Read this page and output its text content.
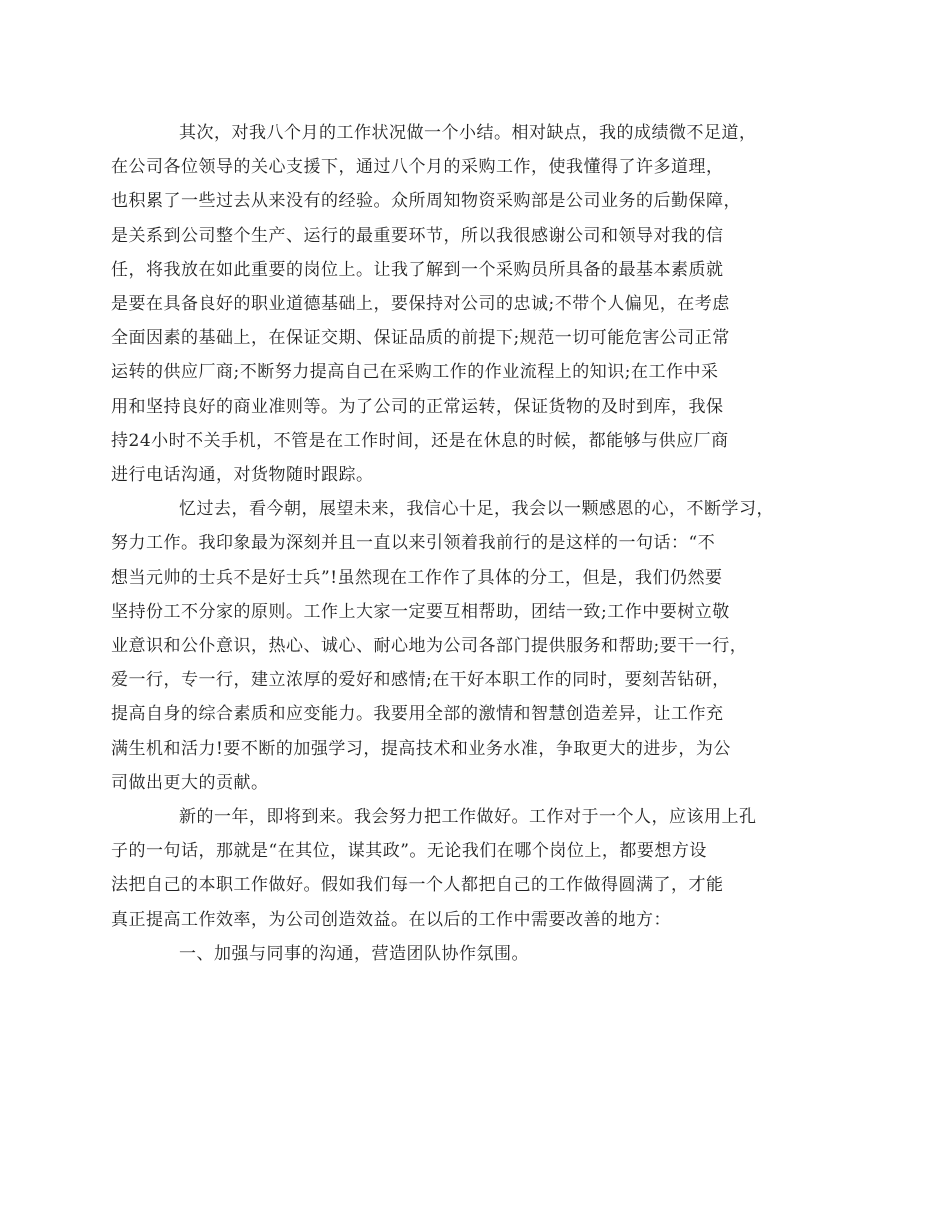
其次，对我八个月的工作状况做一个小结。相对缺点，我的成绩微不足道，
在公司各位领导的关心支援下，通过八个月的采购工作，使我懂得了许多道理，
也积累了一些过去从来没有的经验。众所周知物资采购部是公司业务的后勤保障，
是关系到公司整个生产、运行的最重要环节，所以我很感谢公司和领导对我的信
任，将我放在如此重要的岗位上。让我了解到一个采购员所具备的最基本素质就
是要在具备良好的职业道德基础上，要保持对公司的忠诚;不带个人偏见，在考虑
全面因素的基础上，在保证交期、保证品质的前提下;规范一切可能危害公司正常
运转的供应厂商;不断努力提高自己在采购工作的作业流程上的知识;在工作中采
用和坚持良好的商业准则等。为了公司的正常运转，保证货物的及时到库，我保
持24小时不关手机，不管是在工作时间，还是在休息的时候，都能够与供应厂商
进行电话沟通，对货物随时跟踪。

忆过去，看今朝，展望未来，我信心十足，我会以一颗感恩的心，不断学习，
努力工作。我印象最为深刻并且一直以来引领着我前行的是这样的一句话：“不
想当元帅的士兵不是好士兵”!虽然现在工作作了具体的分工，但是，我们仍然要
坚持份工不分家的原则。工作上大家一定要互相帮助，团结一致;工作中要树立敬
业意识和公仆意识，热心、诚心、耐心地为公司各部门提供服务和帮助;要干一行，
爱一行，专一行，建立浓厚的爱好和感情;在干好本职工作的同时，要刻苦钻研，
提高自身的综合素质和应变能力。我要用全部的激情和智慧创造差异，让工作充
满生机和活力!要不断的加强学习，提高技术和业务水准，争取更大的进步，为公
司做出更大的贡献。

新的一年，即将到来。我会努力把工作做好。工作对于一个人，应该用上孔
子的一句话，那就是“在其位，谋其政”。无论我们在哪个岗位上，都要想方设
法把自己的本职工作做好。假如我们每一个人都把自己的工作做得圆满了，才能
真正提高工作效率，为公司创造效益。在以后的工作中需要改善的地方：

一、加强与同事的沟通，营造团队协作氛围。
